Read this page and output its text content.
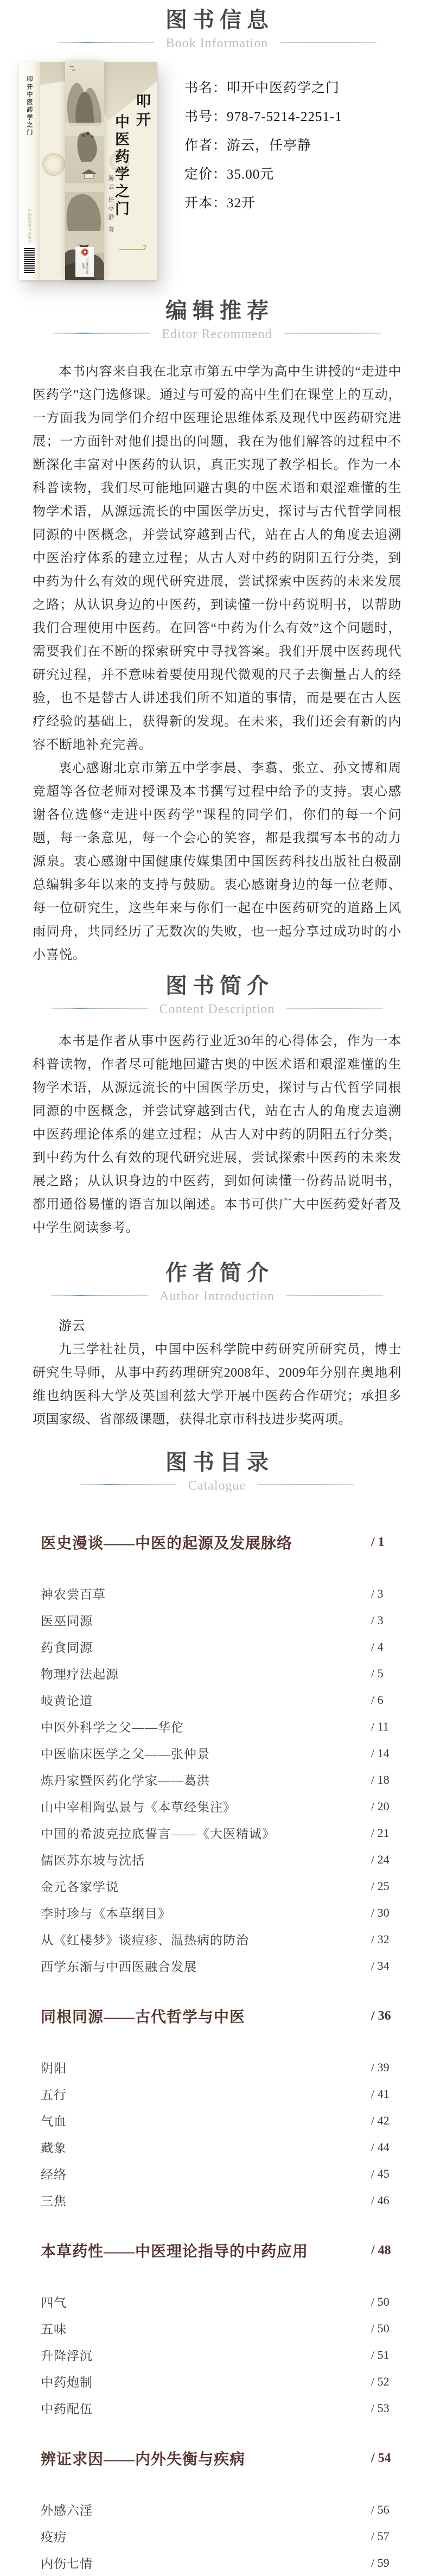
图书信息
Book Information
叩开中医药学之门
中国医药科技出版社
中国健康传媒集团
叩开
中医药学之门
游云 任亭静 著
书名：叩开中医药学之门
书号：978-7-5214-2251-1
作者：游云，任亭静
定价：35.00元
开本：32开
编辑推荐
Editor Recommend

本书内容来自我在北京市第五中学为高中生讲授的“走进中医药学”这门选修课。通过与可爱的高中生们在课堂上的互动，一方面我为同学们介绍中医理论思维体系及现代中医药研究进展；一方面针对他们提出的问题，我在为他们解答的过程中不断深化丰富对中医药的认识，真正实现了教学相长。作为一本科普读物，我们尽可能地回避古奥的中医术语和艰涩难懂的生物学术语，从源远流长的中国医学历史，探讨与古代哲学同根同源的中医概念，并尝试穿越到古代，站在古人的角度去追溯中医治疗体系的建立过程；从古人对中药的阴阳五行分类，到中药为什么有效的现代研究进展，尝试探索中医药的未来发展之路；从认识身边的中医药，到读懂一份中药说明书，以帮助我们合理使用中医药。在回答“中药为什么有效”这个问题时，需要我们在不断的探索研究中寻找答案。我们开展中医药现代研究过程，并不意味着要使用现代微观的尺子去衡量古人的经验，也不是替古人讲述我们所不知道的事情，而是要在古人医疗经验的基础上，获得新的发现。在未来，我们还会有新的内容不断地补充完善。

衷心感谢北京市第五中学李晨、李翥、张立、孙文博和周竞超等各位老师对授课及本书撰写过程中给予的支持。衷心感谢各位选修“走进中医药学”课程的同学们，你们的每一个问题，每一条意见，每一个会心的笑容，都是我撰写本书的动力源泉。衷心感谢中国健康传媒集团中国医药科技出版社白极副总编辑多年以来的支持与鼓励。衷心感谢身边的每一位老师、每一位研究生，这些年来与你们一起在中医药研究的道路上风雨同舟，共同经历了无数次的失败，也一起分享过成功时的小小喜悦。

图书简介
Content Description

本书是作者从事中医药行业近30年的心得体会，作为一本科普读物，作者尽可能地回避古奥的中医术语和艰涩难懂的生物学术语，从源远流长的中国医学历史，探讨与古代哲学同根同源的中医概念，并尝试穿越到古代，站在古人的角度去追溯中医药理论体系的建立过程；从古人对中药的阴阳五行分类，到中药为什么有效的现代研究进展，尝试探索中医药的未来发展之路；从认识身边的中医药，到如何读懂一份药品说明书，都用通俗易懂的语言加以阐述。本书可供广大中医药爱好者及中学生阅读参考。

作者简介
Author Introduction

游云

九三学社社员，中国中医科学院中药研究所研究员，博士研究生导师，从事中药药理研究2008年、2009年分别在奥地利维也纳医科大学及英国利兹大学开展中医药合作研究；承担多项国家级、省部级课题，获得北京市科技进步奖两项。

图书目录
Catalogue
医史漫谈——中医的起源及发展脉络	/ 1
神农尝百草	/ 3
医巫同源	/ 3
药食同源	/ 4
物理疗法起源	/ 5
岐黄论道	/ 6
中医外科学之父——华佗	/ 11
中医临床医学之父——张仲景	/ 14
炼丹家暨医药化学家——葛洪	/ 18
山中宰相陶弘景与《本草经集注》	/ 20
中国的希波克拉底誓言——《大医精诚》	/ 21
儒医苏东坡与沈括	/ 24
金元各家学说	/ 25
李时珍与《本草纲目》	/ 30
从《红楼梦》谈痘疹、温热病的防治	/ 32
西学东渐与中西医融合发展	/ 34
同根同源——古代哲学与中医	/ 36
阴阳	/ 39
五行	/ 41
气血	/ 42
藏象	/ 44
经络	/ 45
三焦	/ 46
本草药性——中医理论指导的中药应用	/ 48
四气	/ 50
五味	/ 50
升降浮沉	/ 51
中药炮制	/ 52
中药配伍	/ 53
辨证求因——内外失衡与疾病	/ 54
外感六淫	/ 56
疫疠	/ 57
内伤七情	/ 59
